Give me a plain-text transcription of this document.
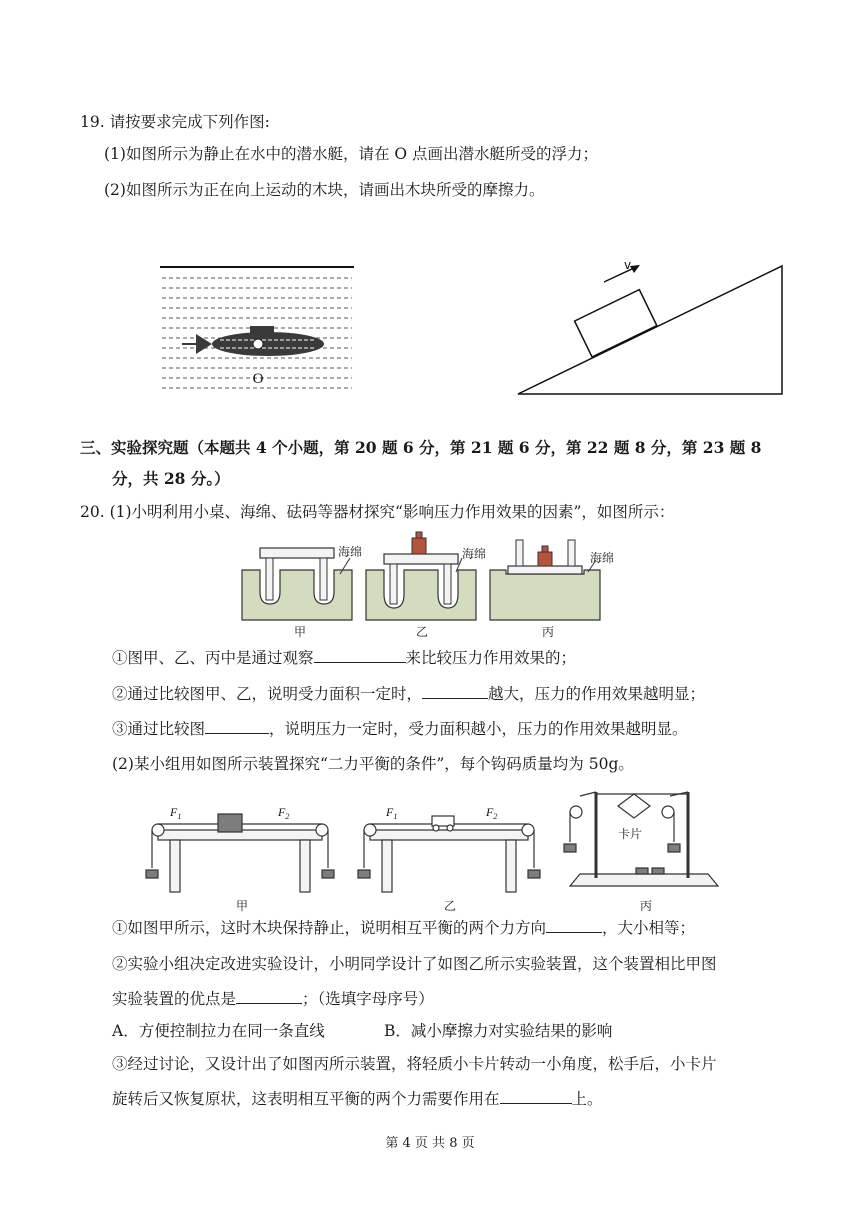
19. 请按要求完成下列作图:
(1)如图所示为静止在水中的潜水艇，请在 O 点画出潜水艇所受的浮力；
(2)如图所示为正在向上运动的木块，请画出木块所受的摩擦力。
O
v
三、实验探究题（本题共 4 个小题，第 20 题 6 分，第 21 题 6 分，第 22 题 8 分，第 23 题 8
分，共 28 分。）
20. (1)小明利用小桌、海绵、砝码等器材探究“影响压力作用效果的因素”，如图所示：
海绵
甲
海绵
乙
海绵
丙
①图甲、乙、丙中是通过观察	来比较压力作用效果的；
②通过比较图甲、乙，说明受力面积一定时，	越大，压力的作用效果越明显；
③通过比较图	，说明压力一定时，受力面积越小，压力的作用效果越明显。
(2)某小组用如图所示装置探究“二力平衡的条件”，每个钩码质量均为 50g。
$F_1$	$F_2$
甲
$F_1$	$F_2$
乙
卡片
丙
①如图甲所示，这时木块保持静止，说明相互平衡的两个力方向	，大小相等；
②实验小组决定改进实验设计，小明同学设计了如图乙所示实验装置，这个装置相比甲图
实验装置的优点是	；（选填字母序号）
A．方便控制拉力在同一条直线	B．减小摩擦力对实验结果的影响
③经过讨论，又设计出了如图丙所示装置，将轻质小卡片转动一小角度，松手后，小卡片
旋转后又恢复原状，这表明相互平衡的两个力需要作用在	上。
第 4 页 共 8 页
